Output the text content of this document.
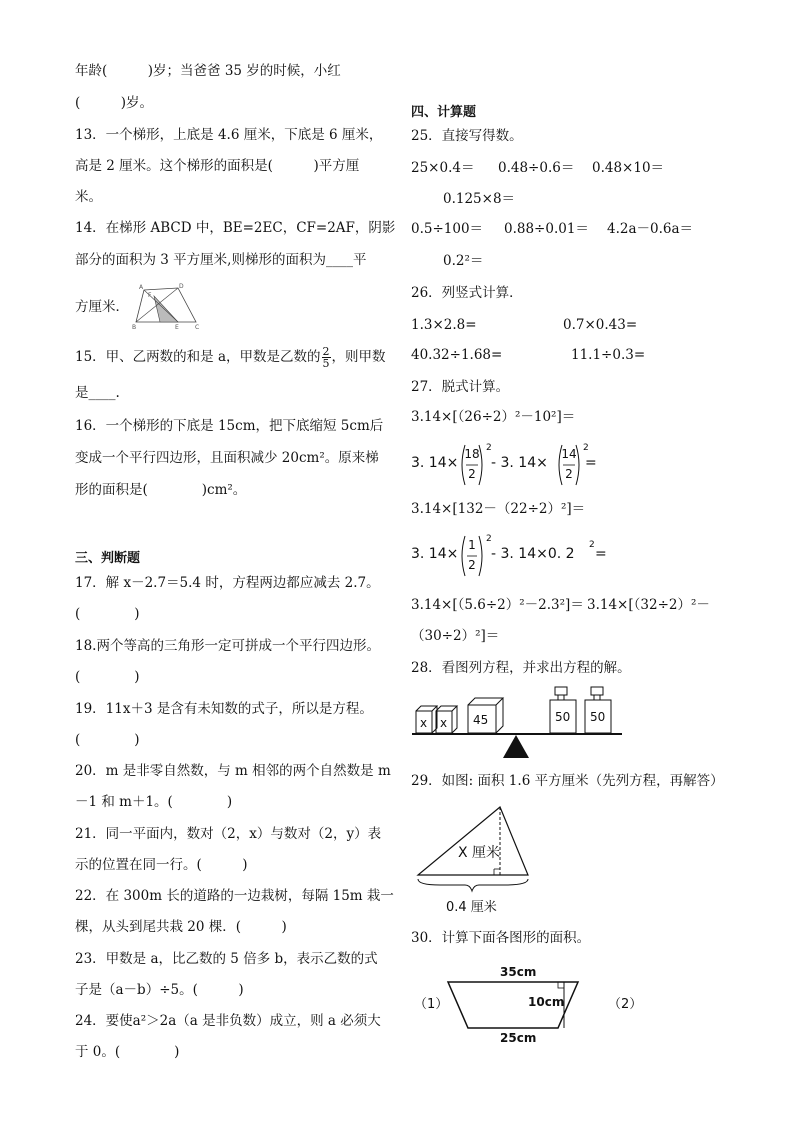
年龄(　　　)岁；当爸爸 35 岁的时候，小红
(　　　)岁。
13．一个梯形，上底是 4.6 厘米，下底是 6 厘米，
高是 2 厘米。这个梯形的面积是(　　　)平方厘
米。
14．在梯形 ABCD 中，BE=2EC，CF=2AF，阴影
部分的面积为 3 平方厘米,则梯形的面积为____平
方厘米．
A	D
F
B	E	C
15．甲、乙两数的和是 a，甲数是乙数的 $\frac{2}{5}$ ，则甲数
是____.
16．一个梯形的下底是 15cm，把下底缩短 5cm后
变成一个平行四边形，且面积减少 20cm²。原来梯
形的面积是(　　　　)cm²。
三、判断题
17．解 x－2.7＝5.4 时，方程两边都应减去 2.7。
(　　　　)
18.两个等高的三角形一定可拼成一个平行四边形。
(　　　　)
19．11x＋3 是含有未知数的式子，所以是方程。
(　　　　)
20．m 是非零自然数，与 m 相邻的两个自然数是 m
－1 和 m＋1。(　　　　)
21．同一平面内，数对（2，x）与数对（2，y）表
示的位置在同一行。(　　　)
22．在 300m 长的道路的一边栽树，每隔 15m 栽一
棵，从头到尾共栽 20 棵．(　　　)
23．甲数是 a，比乙数的 5 倍多 b，表示乙数的式
子是（a－b）÷5。(　　　)
24．要使a²＞2a（a 是非负数）成立，则 a 必须大
于 0。(　　　　)
四、计算题
25．直接写得数。
25×0.4＝ 0.48÷0.6＝ 0.48×10＝
0.125×8＝
0.5÷100＝ 0.88÷0.01＝ 4.2a－0.6a＝
0.2²＝
26．列竖式计算．
1.3×2.8=	0.7×0.43=
40.32÷1.68=	11.1÷0.3=
27．脱式计算。
3.14×[（26÷2）²－10²]＝
3. 14×
18
2
2
- 3. 14×
14
2
2
=
3.14×[132－（22÷2）²]＝
3. 14×
1
2
2
- 3. 14×0. 2
2
=
3.14×[（5.6÷2）²－2.3²]＝ 3.14×[（32÷2）²－
（30÷2）²]＝
28．看图列方程，并求出方程的解。
x x 45	50 50
29．如图: 面积 1.6 平方厘米（先列方程，再解答）
X 厘米
0.4 厘米
30．计算下面各图形的面积。
（1）	（2）
35cm
10cm
25cm
